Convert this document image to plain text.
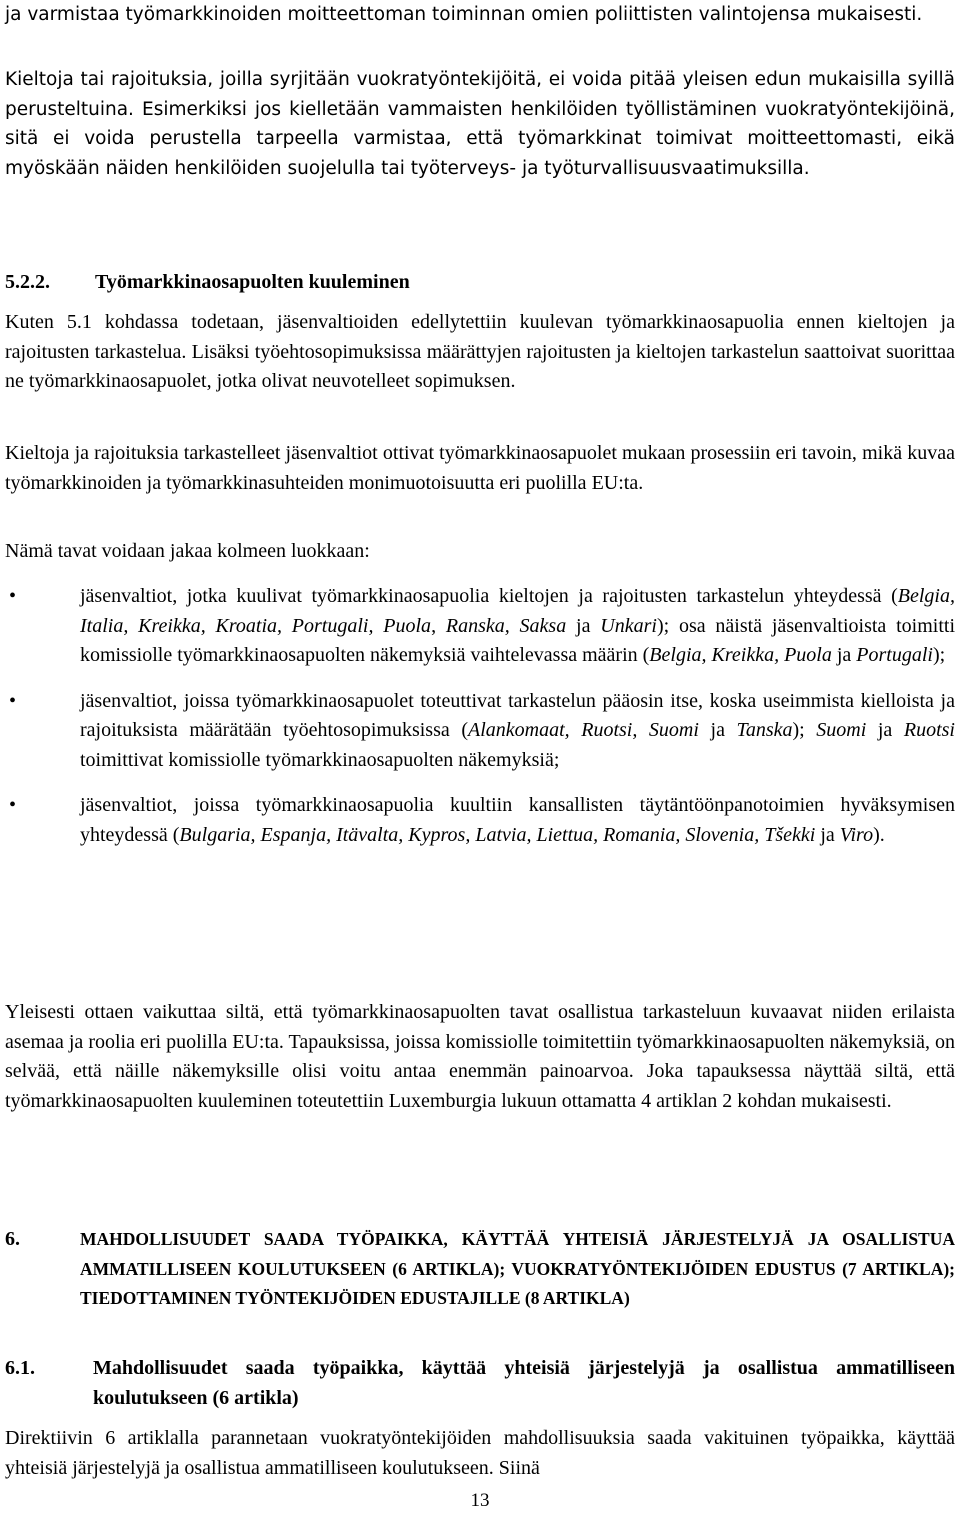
ja varmistaa työmarkkinoiden moitteettoman toiminnan omien poliittisten valintojensa mukaisesti.

Kieltoja tai rajoituksia, joilla syrjitään vuokratyöntekijöitä, ei voida pitää yleisen edun mukaisilla syillä perusteltuina. Esimerkiksi jos kielletään vammaisten henkilöiden työllistäminen vuokratyöntekijöinä, sitä ei voida perustella tarpeella varmistaa, että työmarkkinat toimivat moitteettomasti, eikä myöskään näiden henkilöiden suojelulla tai työterveys- ja työturvallisuusvaatimuksilla.

5.2.2. Työmarkkinaosapuolten kuuleminen

Kuten 5.1 kohdassa todetaan, jäsenvaltioiden edellytettiin kuulevan työmarkkinaosapuolia ennen kieltojen ja rajoitusten tarkastelua. Lisäksi työehtosopimuksissa määrättyjen rajoitusten ja kieltojen tarkastelun saattoivat suorittaa ne työmarkkinaosapuolet, jotka olivat neuvotelleet sopimuksen.

Kieltoja ja rajoituksia tarkastelleet jäsenvaltiot ottivat työmarkkinaosapuolet mukaan prosessiin eri tavoin, mikä kuvaa työmarkkinoiden ja työmarkkinasuhteiden monimuotoisuutta eri puolilla EU:ta.

Nämä tavat voidaan jakaa kolmeen luokkaan:

•	jäsenvaltiot, jotka kuulivat työmarkkinaosapuolia kieltojen ja rajoitusten tarkastelun yhteydessä (Belgia, Italia, Kreikka, Kroatia, Portugali, Puola, Ranska, Saksa ja Unkari); osa näistä jäsenvaltioista toimitti komissiolle työmarkkinaosapuolten näkemyksiä vaihtelevassa määrin (Belgia, Kreikka, Puola ja Portugali);
•	jäsenvaltiot, joissa työmarkkinaosapuolet toteuttivat tarkastelun pääosin itse, koska useimmista kielloista ja rajoituksista määrätään työehtosopimuksissa (Alankomaat, Ruotsi, Suomi ja Tanska); Suomi ja Ruotsi toimittivat komissiolle työmarkkinaosapuolten näkemyksiä;
•	jäsenvaltiot, joissa työmarkkinaosapuolia kuultiin kansallisten täytäntöönpanotoimien hyväksymisen yhteydessä (Bulgaria, Espanja, Itävalta, Kypros, Latvia, Liettua, Romania, Slovenia, Tšekki ja Viro).

Yleisesti ottaen vaikuttaa siltä, että työmarkkinaosapuolten tavat osallistua tarkasteluun kuvaavat niiden erilaista asemaa ja roolia eri puolilla EU:ta. Tapauksissa, joissa komissiolle toimitettiin työmarkkinaosapuolten näkemyksiä, on selvää, että näille näkemyksille olisi voitu antaa enemmän painoarvoa. Joka tapauksessa näyttää siltä, että työmarkkinaosapuolten kuuleminen toteutettiin Luxemburgia lukuun ottamatta 4 artiklan 2 kohdan mukaisesti.

6.	MAHDOLLISUUDET SAADA TYÖPAIKKA, KÄYTTÄÄ YHTEISIÄ JÄRJESTELYJÄ JA OSALLISTUA AMMATILLISEEN KOULUTUKSEEN (6 ARTIKLA); VUOKRATYÖNTEKIJÖIDEN EDUSTUS (7 ARTIKLA); TIEDOTTAMINEN TYÖNTEKIJÖIDEN EDUSTAJILLE (8 ARTIKLA)

6.1.	Mahdollisuudet saada työpaikka, käyttää yhteisiä järjestelyjä ja osallistua ammatilliseen koulutukseen (6 artikla)

Direktiivin 6 artiklalla parannetaan vuokratyöntekijöiden mahdollisuuksia saada vakituinen työpaikka, käyttää yhteisiä järjestelyjä ja osallistua ammatilliseen koulutukseen. Siinä

13
